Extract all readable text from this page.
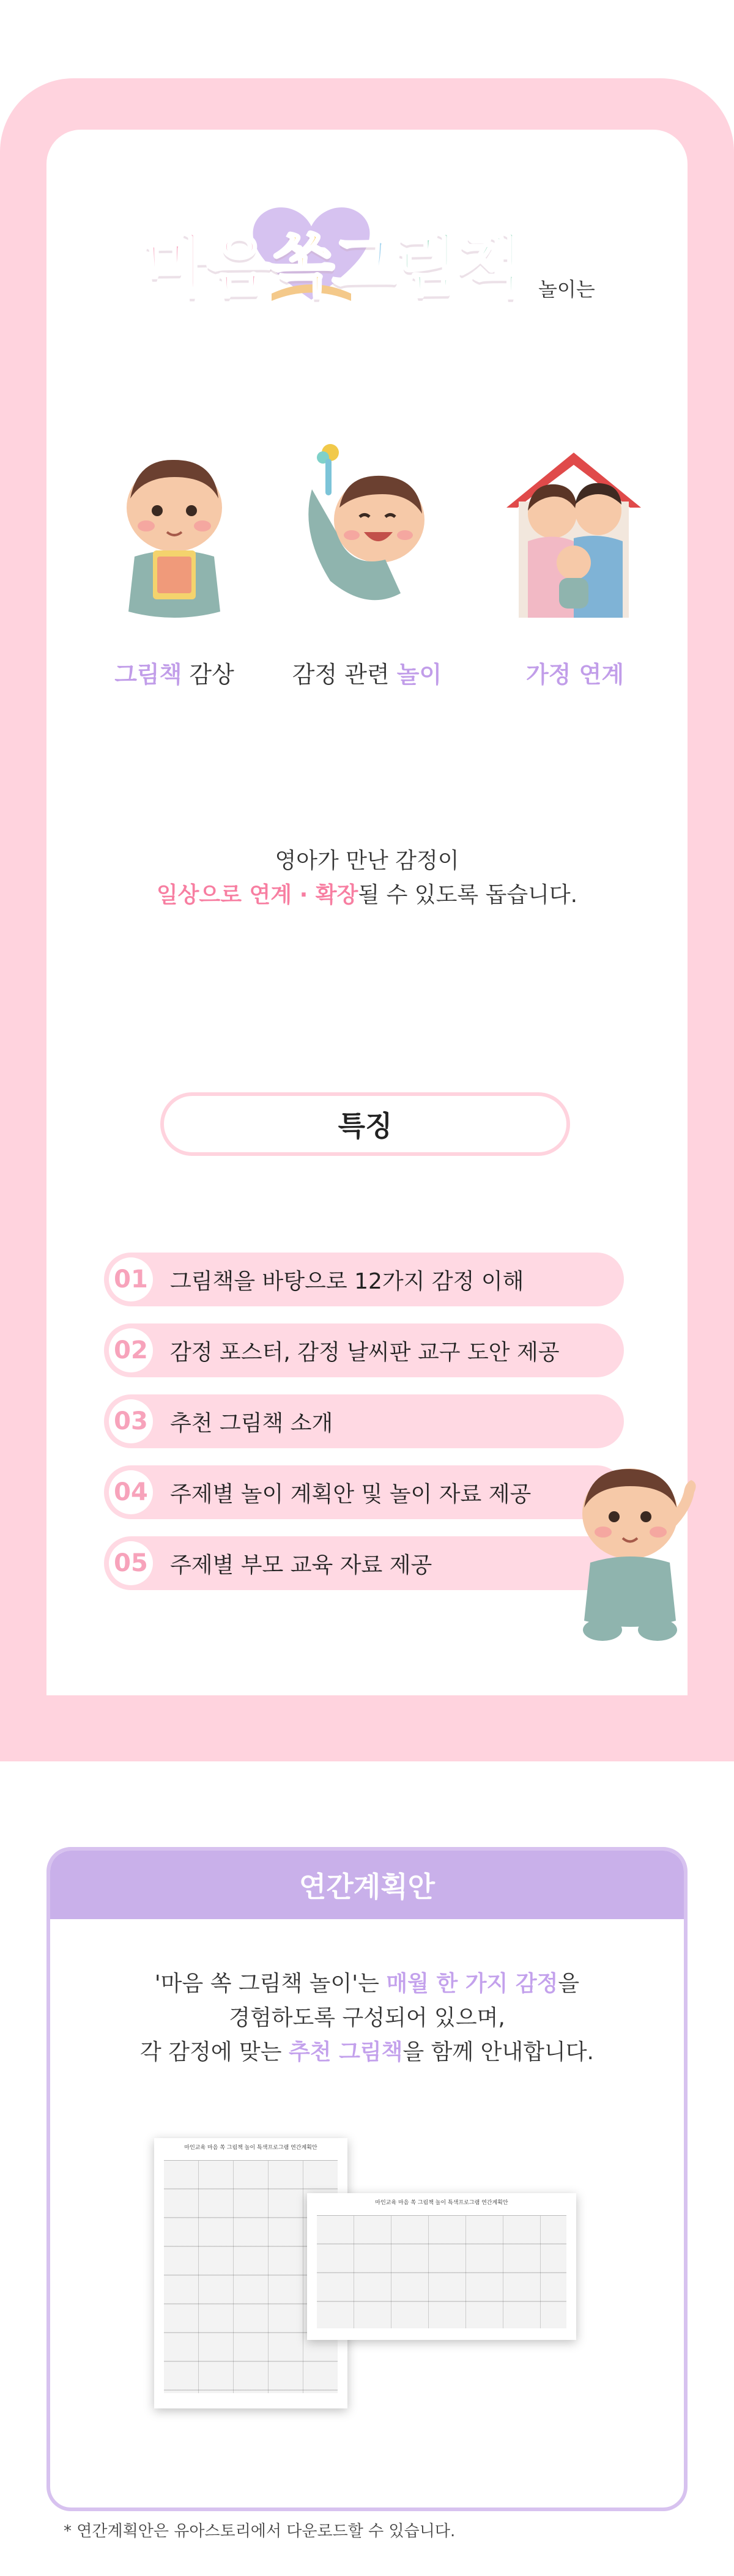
마음쏙그림책 놀이는
그림책 감상	감정 관련 놀이	가정 연계
영아가 만난 감정이
일상으로 연계 · 확장될 수 있도록 돕습니다.
특징
01 그림책을 바탕으로 12가지 감정 이해
02 감정 포스터, 감정 날씨판 교구 도안 제공
03 추천 그림책 소개
04 주제별 놀이 계획안 및 놀이 자료 제공
05 주제별 부모 교육 자료 제공
연간계획안
'마음 쏙 그림책 놀이'는 매월 한 가지 감정을
경험하도록 구성되어 있으며,
각 감정에 맞는 추천 그림책을 함께 안내합니다.
마인교육 마음 쏙 그림책 놀이 특색프로그램 연간계획안
마인교육 마음 쏙 그림책 놀이 특색프로그램 연간계획안
* 연간계획안은 유아스토리에서 다운로드할 수 있습니다.
